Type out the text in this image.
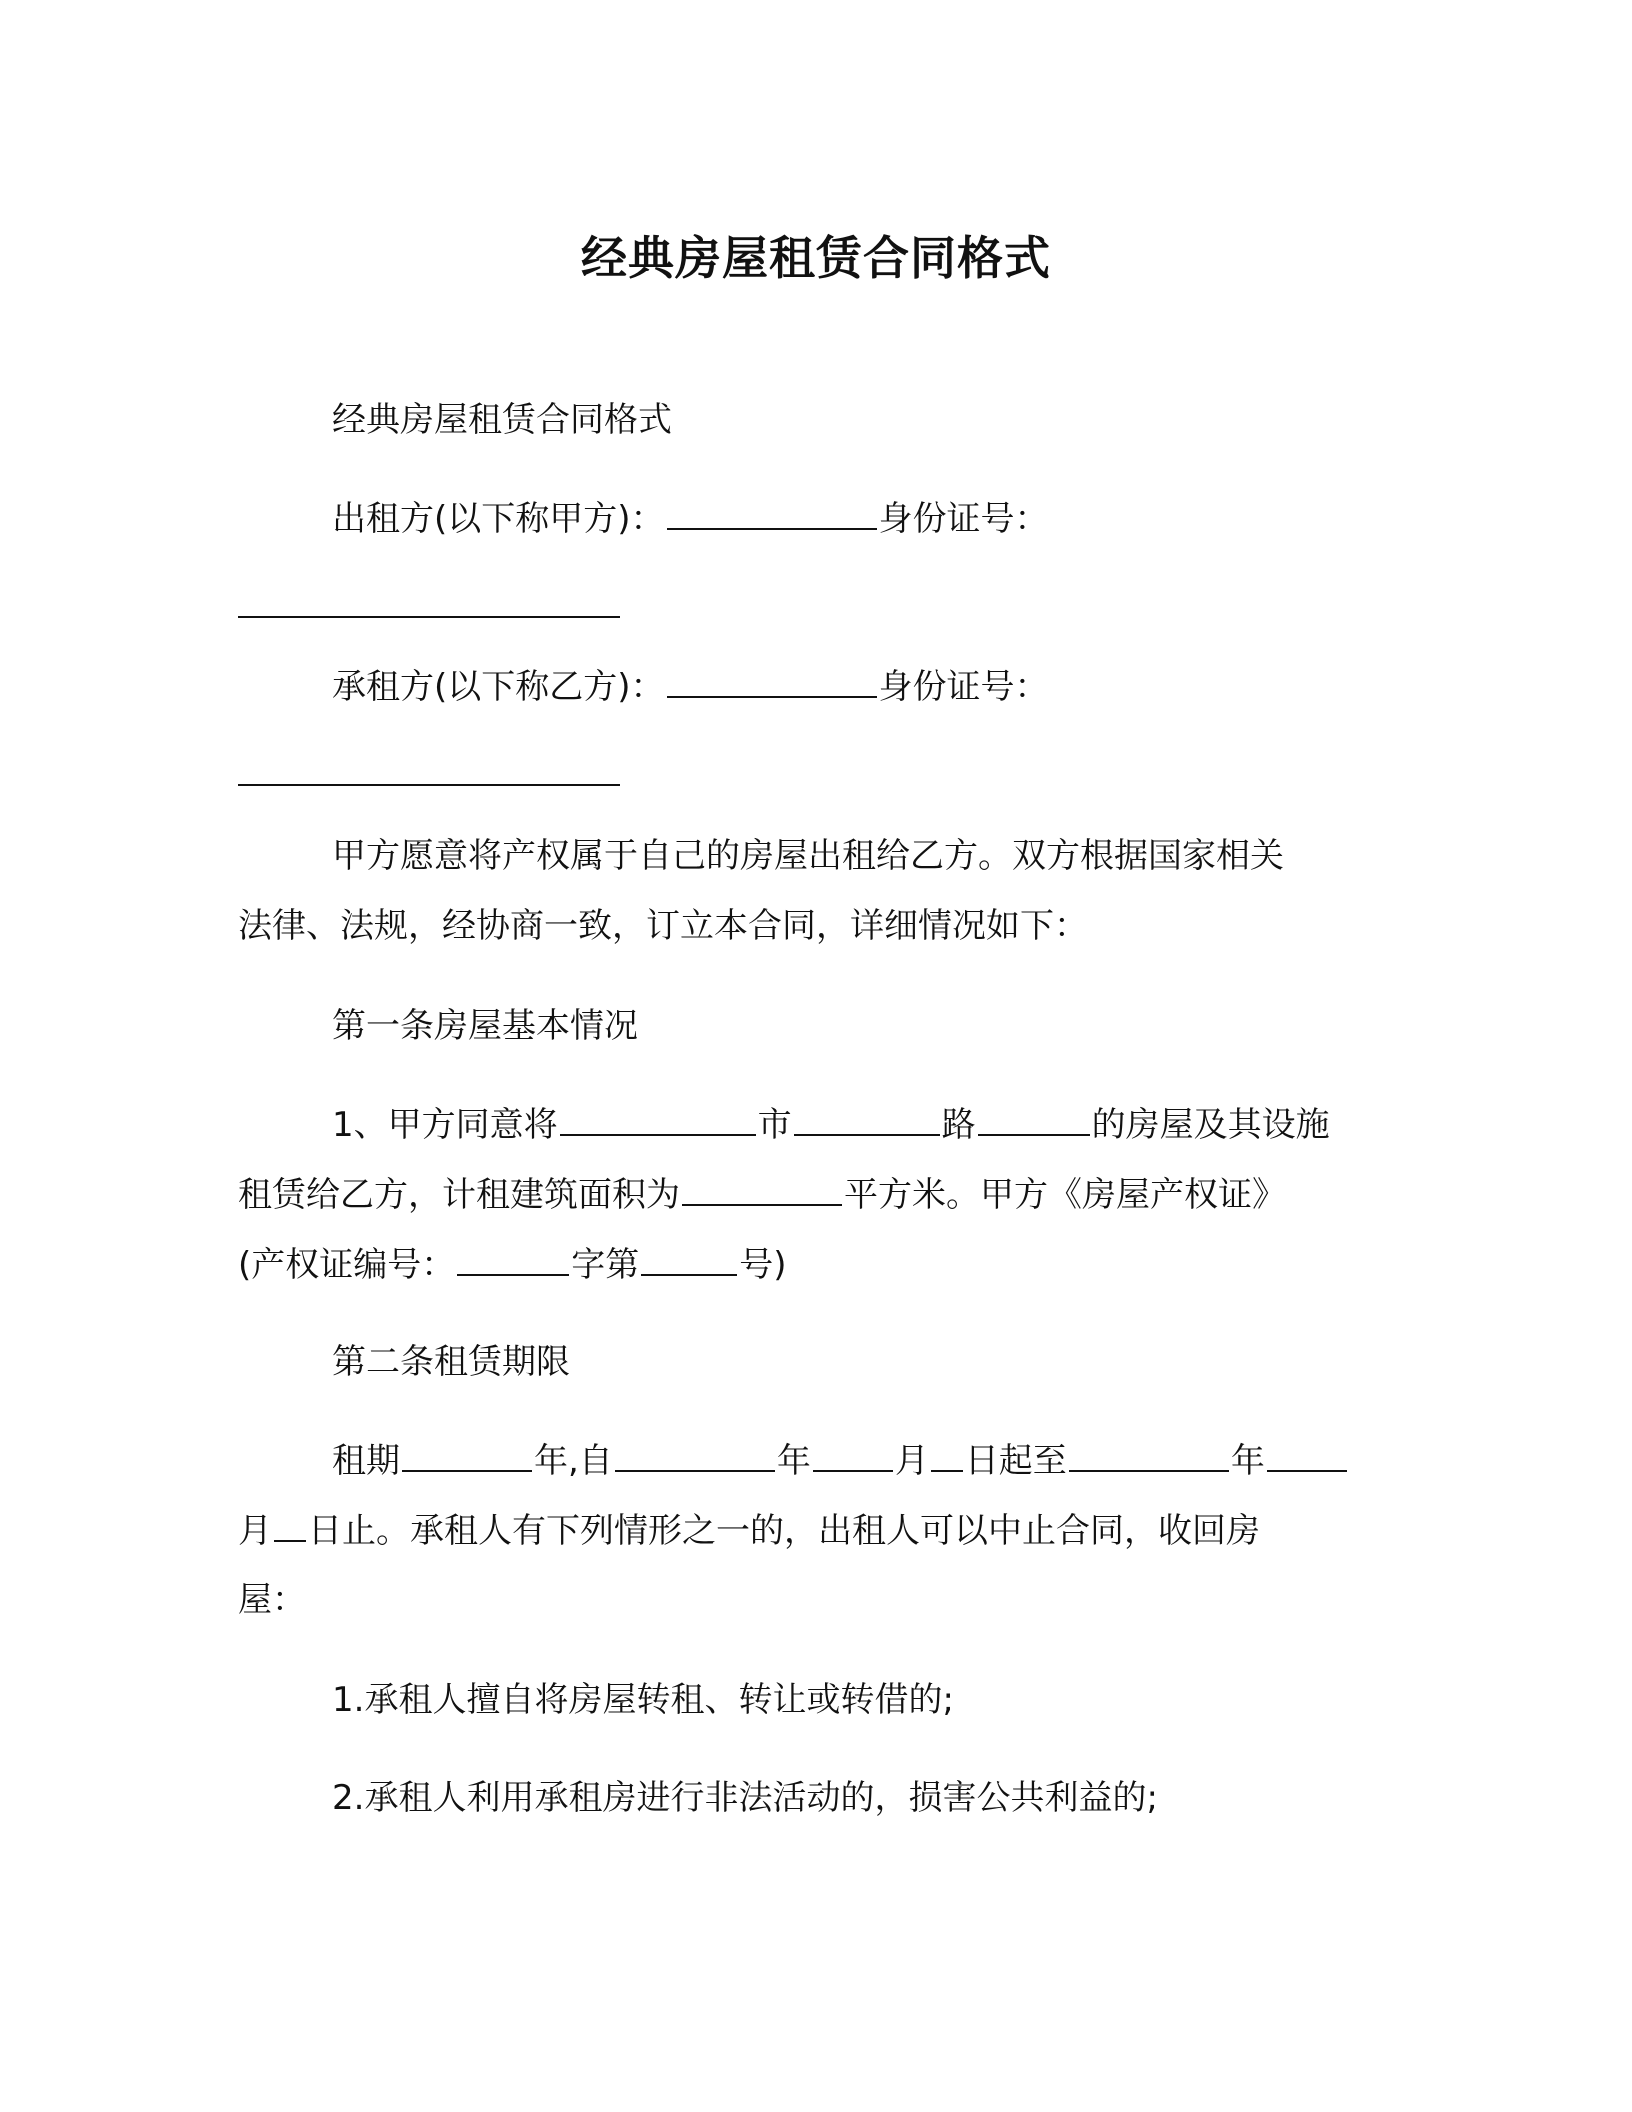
经典房屋租赁合同格式
经典房屋租赁合同格式
出租方(以下称甲方)：	身份证号：
承租方(以下称乙方)：	身份证号：
甲方愿意将产权属于自己的房屋出租给乙方。双方根据国家相关
法律、法规，经协商一致，订立本合同，详细情况如下：
第一条房屋基本情况
1、甲方同意将	市	路	的房屋及其设施
租赁给乙方，计租建筑面积为	平方米。甲方《房屋产权证》
(产权证编号：	字第	号)
第二条租赁期限
租期	年,自	年 月 日起至	年
月 日止。承租人有下列情形之一的，出租人可以中止合同，收回房
屋：
1.承租人擅自将房屋转租、转让或转借的;
2.承租人利用承租房进行非法活动的，损害公共利益的;
